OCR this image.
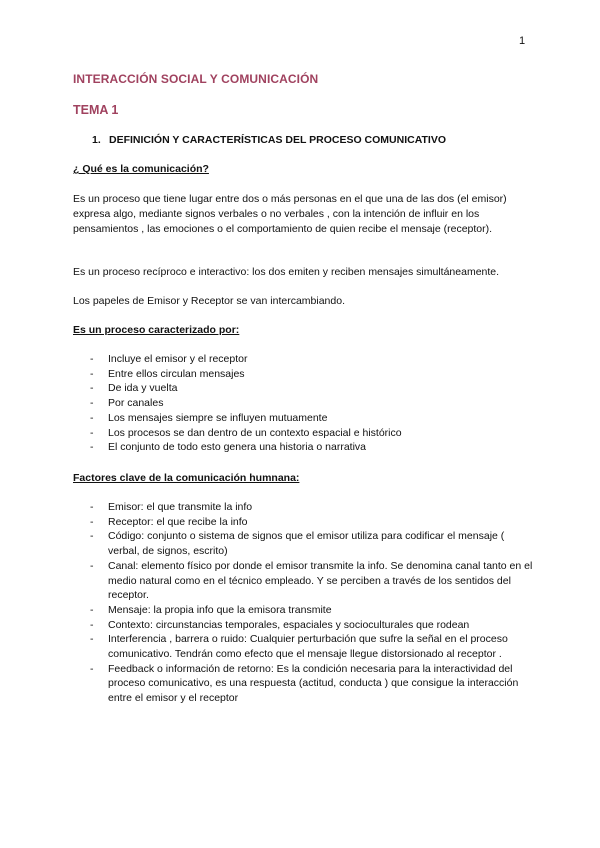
1
INTERACCIÓN SOCIAL Y COMUNICACIÓN
TEMA 1
1. DEFINICIÓN Y CARACTERÍSTICAS DEL PROCESO COMUNICATIVO
¿ Qué es la comunicación?

Es un proceso que tiene lugar entre dos o más personas en el que una de las dos (el emisor) expresa algo, mediante signos verbales o no verbales , con la intención de influir en los pensamientos , las emociones o el comportamiento de quien recibe el mensaje (receptor).

Es un proceso recíproco e interactivo: los dos emiten y reciben mensajes simultáneamente.

Los papeles de Emisor y Receptor se van intercambiando.

Es un proceso caracterizado por:
- Incluye el emisor y el receptor
- Entre ellos circulan mensajes
- De ida y vuelta
- Por canales
- Los mensajes siempre se influyen mutuamente
- Los procesos se dan dentro de un contexto espacial e histórico
- El conjunto de todo esto genera una historia o narrativa
Factores clave de la comunicación humnana:
- Emisor: el que transmite la info
- Receptor: el que recibe la info
- Código: conjunto o sistema de signos que el emisor utiliza para codificar el mensaje ( verbal, de signos, escrito)
- Canal: elemento físico por donde el emisor transmite la info. Se denomina canal tanto en el medio natural como en el técnico empleado. Y se perciben a través de los sentidos del receptor.
- Mensaje: la propia info que la emisora transmite
- Contexto: circunstancias temporales, espaciales y socioculturales que rodean
- Interferencia , barrera o ruido: Cualquier perturbación que sufre la señal en el proceso comunicativo. Tendrán como efecto que el mensaje llegue distorsionado al receptor .
- Feedback o información de retorno: Es la condición necesaria para la interactividad del proceso comunicativo, es una respuesta (actitud, conducta ) que consigue la interacción entre el emisor y el receptor
